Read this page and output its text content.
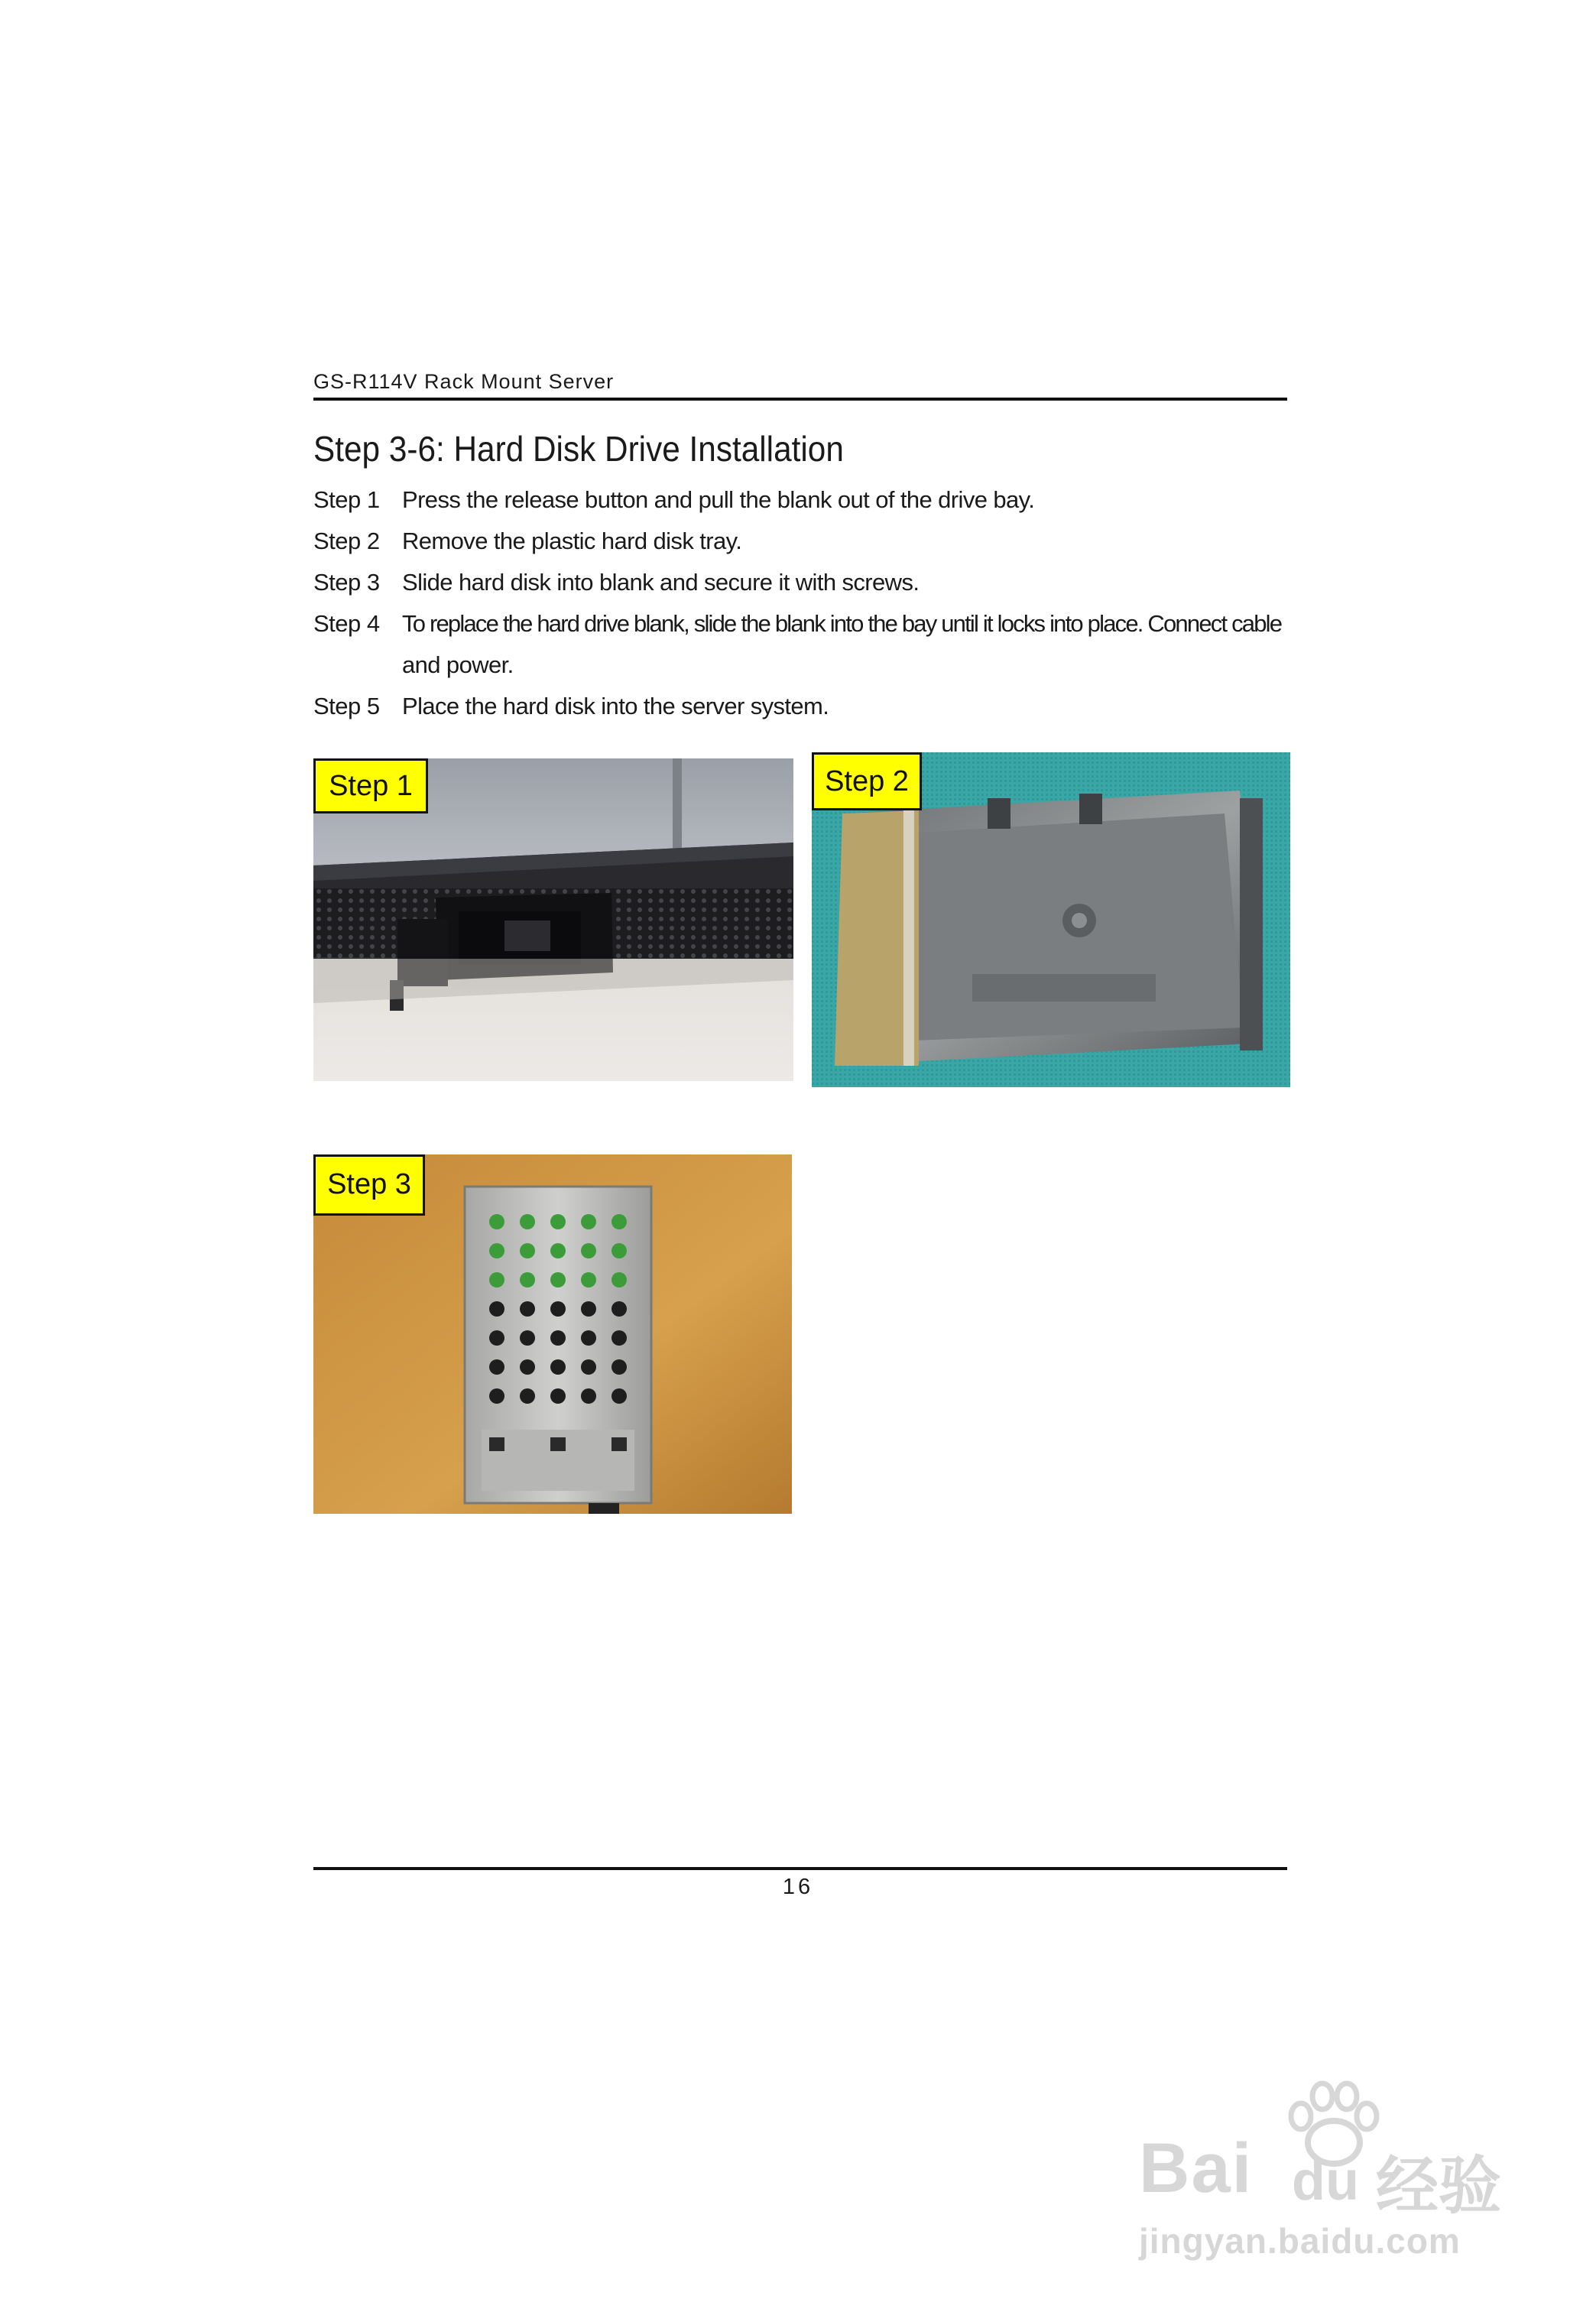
GS-R114V Rack Mount Server
Step 3-6: Hard Disk Drive Installation
Step 1 Press the release button and pull the blank out of the drive bay.
Step 2 Remove the plastic hard disk tray.
Step 3 Slide hard disk into blank and secure it with screws.
Step 4 To replace the hard drive blank, slide the blank into the bay until it locks into place. Connect cable
and power.
Step 5 Place the hard disk into the server system.
Step 1	Step 2
Step 3
16
Bai du 经验
jingyan.baidu.com
